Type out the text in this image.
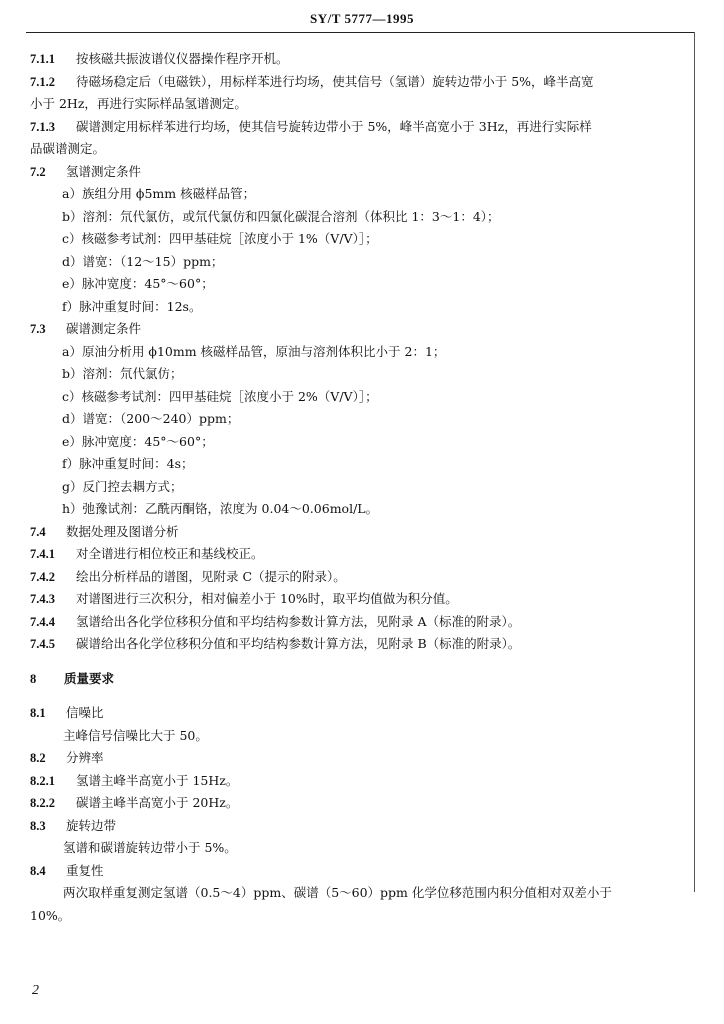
SY/T 5777—1995
7.1.1 按核磁共振波谱仪仪器操作程序开机。
7.1.2 待磁场稳定后（电磁铁），用标样苯进行均场，使其信号（氢谱）旋转边带小于 5%，峰半高宽
小于 2Hz，再进行实际样品氢谱测定。
7.1.3 碳谱测定用标样苯进行均场，使其信号旋转边带小于 5%，峰半高宽小于 3Hz，再进行实际样
品碳谱测定。
7.2 氢谱测定条件
a）族组分用 ϕ5mm 核磁样品管；
b）溶剂：氘代氯仿，或氘代氯仿和四氯化碳混合溶剂（体积比 1：3～1：4）；
c）核磁参考试剂：四甲基硅烷［浓度小于 1%（V/V）］；
d）谱宽：（12～15）ppm；
e）脉冲宽度：45°～60°；
f）脉冲重复时间：12s。
7.3 碳谱测定条件
a）原油分析用 ϕ10mm 核磁样品管，原油与溶剂体积比小于 2：1；
b）溶剂：氘代氯仿；
c）核磁参考试剂：四甲基硅烷［浓度小于 2%（V/V）］；
d）谱宽：（200～240）ppm；
e）脉冲宽度：45°～60°；
f）脉冲重复时间：4s；
g）反门控去耦方式；
h）弛豫试剂：乙酰丙酮铬，浓度为 0.04～0.06mol/L。
7.4 数据处理及图谱分析
7.4.1 对全谱进行相位校正和基线校正。
7.4.2 绘出分析样品的谱图，见附录 C（提示的附录）。
7.4.3 对谱图进行三次积分，相对偏差小于 10%时，取平均值做为积分值。
7.4.4 氢谱给出各化学位移积分值和平均结构参数计算方法，见附录 A（标准的附录）。
7.4.5 碳谱给出各化学位移积分值和平均结构参数计算方法，见附录 B（标准的附录）。
8 质量要求
8.1 信噪比
主峰信号信噪比大于 50。
8.2 分辨率
8.2.1 氢谱主峰半高宽小于 15Hz。
8.2.2 碳谱主峰半高宽小于 20Hz。
8.3 旋转边带
氢谱和碳谱旋转边带小于 5%。
8.4 重复性
两次取样重复测定氢谱（0.5～4）ppm、碳谱（5～60）ppm 化学位移范围内积分值相对双差小于
10%。
2
